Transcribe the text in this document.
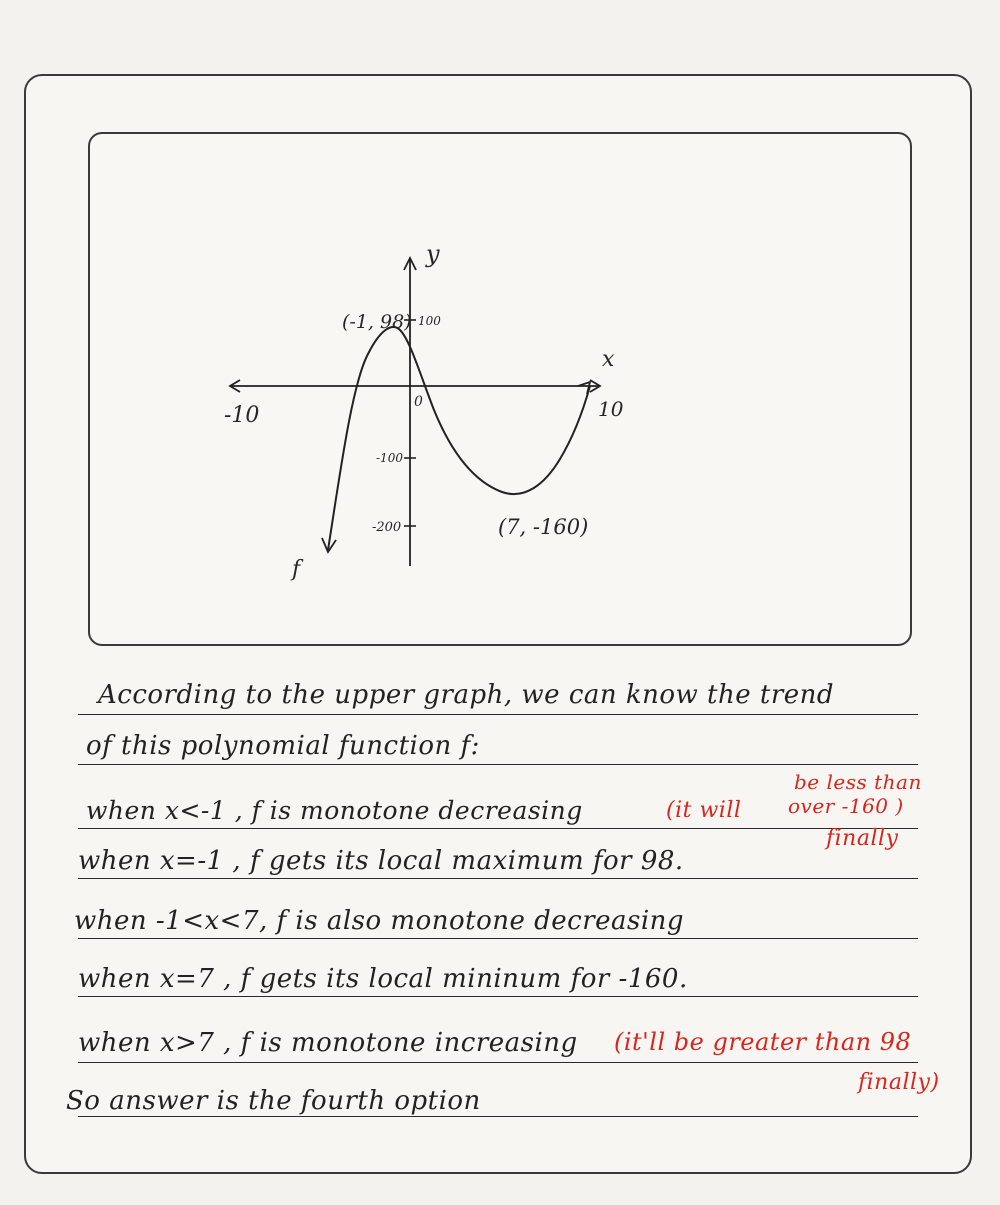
y
x
-10	10
0
100
-100
-200
(-1, 98)
(7, -160)
f
According to the upper graph, we can know the trend
of this polynomial function f:
when x<-1 , f is monotone decreasing	(it will
be less than
over -160 )
finally
when x=-1 , f gets its local maximum for 98.
when -1<x<7, f is also monotone decreasing
when x=7 , f gets its local mininum for -160.
when x>7 , f is monotone increasing (it'll be greater than 98
finally)
So answer is the fourth option
